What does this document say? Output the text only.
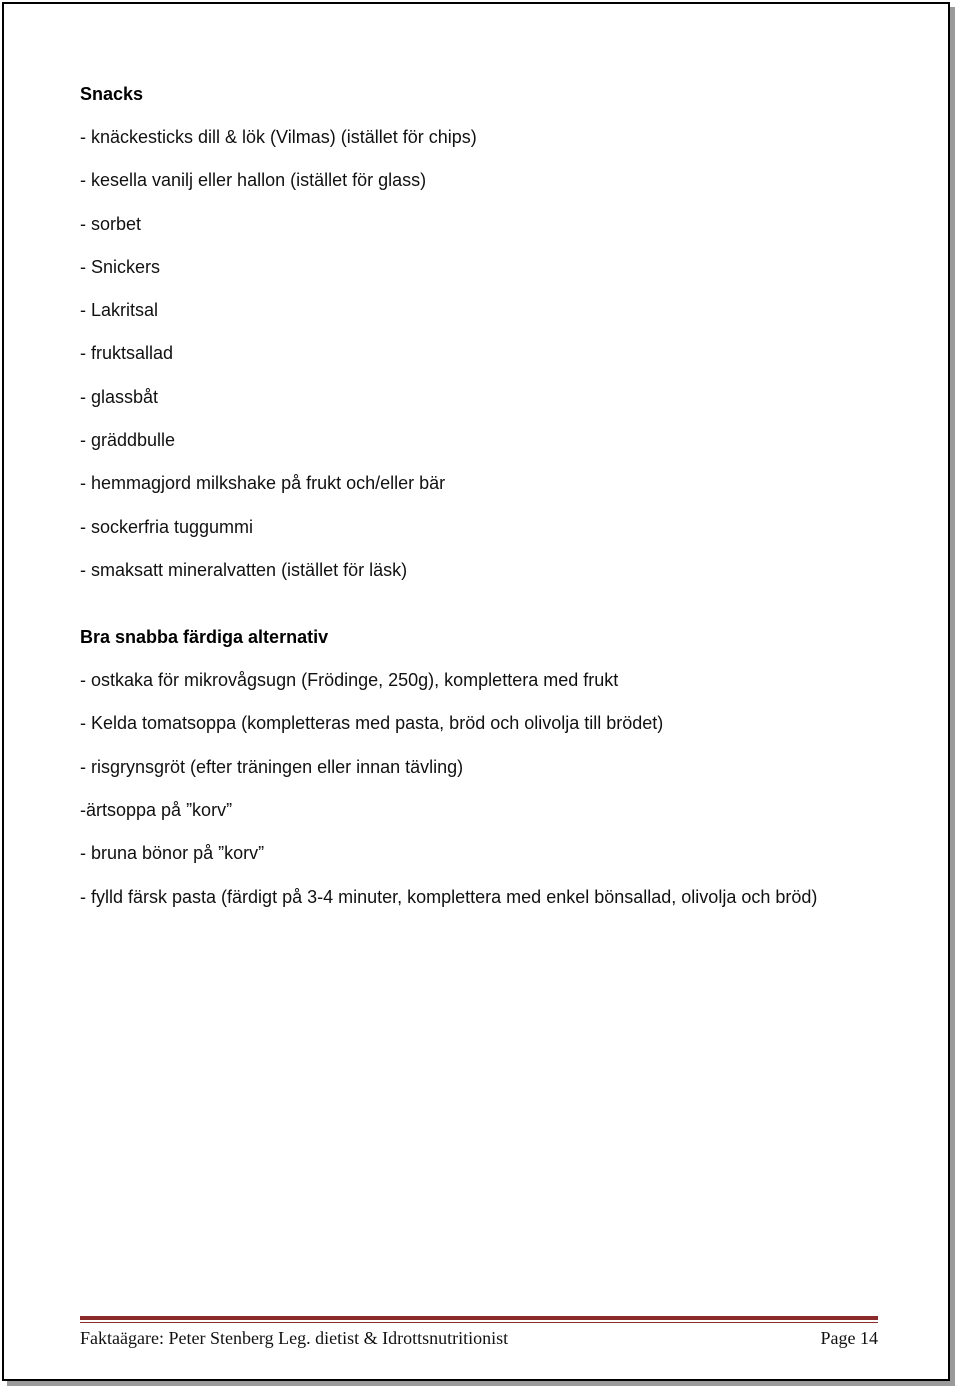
Snacks
- knäckesticks dill & lök (Vilmas) (istället för chips)
- kesella vanilj eller hallon (istället för glass)
- sorbet
- Snickers
- Lakritsal
- fruktsallad
- glassbåt
- gräddbulle
- hemmagjord milkshake på frukt och/eller bär
- sockerfria tuggummi
- smaksatt mineralvatten (istället för läsk)
Bra snabba färdiga alternativ
- ostkaka för mikrovågsugn (Frödinge, 250g), komplettera med frukt
- Kelda tomatsoppa (kompletteras med pasta, bröd och olivolja till brödet)
- risgrynsgröt (efter träningen eller innan tävling)
-ärtsoppa på ”korv”
- bruna bönor på ”korv”
- fylld färsk pasta (färdigt på 3-4 minuter, komplettera med enkel bönsallad, olivolja och bröd)
Faktaägare: Peter Stenberg Leg. dietist & Idrottsnutritionist	Page 14
